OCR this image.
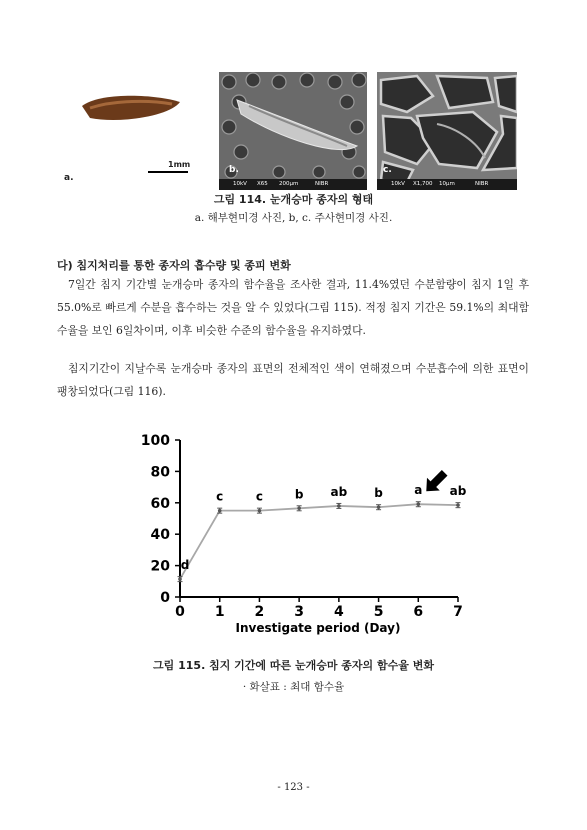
1mm
a.
b.
10kV X65 200μm	NIBR
c.
10kV X1,700 10μm	NIBR
그림 114. 눈개승마 종자의 형태
a. 해부현미경 사진, b, c. 주사현미경 사진.
다) 침지처리를 통한 종자의 흡수량 및 종피 변화

7일간 침지 기간별 눈개승마 종자의 함수율을 조사한 결과, 11.4%였던 수분함량이 침지 1일 후 55.0%로 빠르게 수분을 흡수하는 것을 알 수 있었다(그림 115). 적정 침지 기간은 59.1%의 최대함수율을 보인 6일차이며, 이후 비슷한 수준의 함수율을 유지하였다.

침지기간이 지날수록 눈개승마 종자의 표면의 전체적인 색이 연해졌으며 수분흡수에 의한 표면이 팽창되었다(그림 116).

0
20
40
60
80
100
0 1 2 3 4 5 6 7
d
c	c	b ab b	a ab
Investigate period (Day)
그림 115. 침지 기간에 따른 눈개승마 종자의 함수율 변화
· 화살표 : 최대 함수율
- 123 -
